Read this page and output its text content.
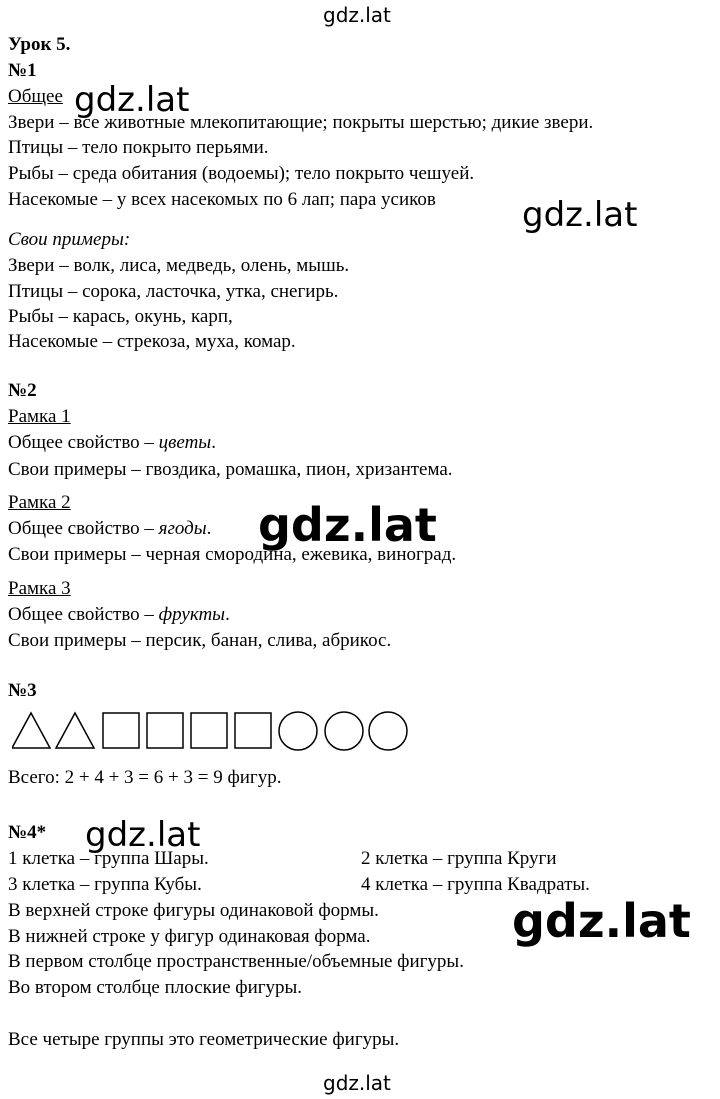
gdz.lat
gdz.lat
gdz.lat
gdz.lat
gdz.lat
gdz.lat
gdz.lat
Урок 5.
№1
Общее
Звери – все животные млекопитающие; покрыты шерстью; дикие звери.
Птицы – тело покрыто перьями.
Рыбы – среда обитания (водоемы); тело покрыто чешуей.
Насекомые – у всех насекомых по 6 лап; пара усиков
Свои примеры:
Звери – волк, лиса, медведь, олень, мышь.
Птицы – сорока, ласточка, утка, снегирь.
Рыбы – карась, окунь, карп,
Насекомые – стрекоза, муха, комар.
№2
Рамка 1
Общее свойство – цветы.
Свои примеры – гвоздика, ромашка, пион, хризантема.
Рамка 2
Общее свойство – ягоды.
Свои примеры – черная смородина, ежевика, виноград.
Рамка 3
Общее свойство – фрукты.
Свои примеры – персик, банан, слива, абрикос.
№3
Всего: 2 + 4 + 3 = 6 + 3 = 9 фигур.
№4*
1 клетка – группа Шары.	2 клетка – группа Круги
3 клетка – группа Кубы.	4 клетка – группа Квадраты.
В верхней строке фигуры одинаковой формы.
В нижней строке у фигур одинаковая форма.
В первом столбце пространственные/объемные фигуры.
Во втором столбце плоские фигуры.
Все четыре группы это геометрические фигуры.
